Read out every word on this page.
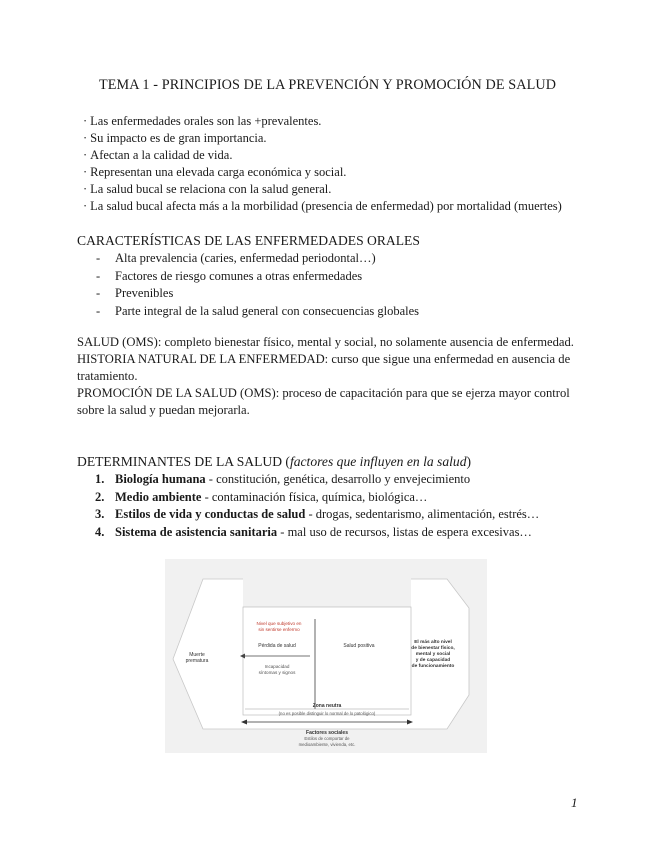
TEMA 1 - PRINCIPIOS DE LA PREVENCIÓN Y PROMOCIÓN DE SALUD
· Las enfermedades orales son las +prevalentes.
· Su impacto es de gran importancia.
· Afectan a la calidad de vida.
· Representan una elevada carga económica y social.
· La salud bucal se relaciona con la salud general.
· La salud bucal afecta más a la morbilidad (presencia de enfermedad) por mortalidad (muertes)
CARACTERÍSTICAS DE LAS ENFERMEDADES ORALES
- Alta prevalencia (caries, enfermedad periodontal…)
- Factores de riesgo comunes a otras enfermedades
- Prevenibles
- Parte integral de la salud general con consecuencias globales

SALUD (OMS): completo bienestar físico, mental y social, no solamente ausencia de enfermedad.

HISTORIA NATURAL DE LA ENFERMEDAD: curso que sigue una enfermedad en ausencia de tratamiento.

PROMOCIÓN DE LA SALUD (OMS): proceso de capacitación para que se ejerza mayor control sobre la salud y puedan mejorarla.

DETERMINANTES DE LA SALUD (factores que influyen en la salud)
1. Biología humana - constitución, genética, desarrollo y envejecimiento
2. Medio ambiente - contaminación física, química, biológica…
3. Estilos de vida y conductas de salud - drogas, sedentarismo, alimentación, estrés…
4. Sistema de asistencia sanitaria - mal uso de recursos, listas de espera excesivas…
Nivel que subjetivo en
sin sentirse enfermo
Pérdida de salud
Incapacidad
síntomas y signos
Salud positiva
Muerte
prematura
El más alto nivel
de bienestar físico,
mental y social
y de capacidad
de funcionamiento
Zona neutra
(no es posible distinguir lo normal de lo patológico)
Factores sociales
Estilos de comportar de
medioambiente, vivienda, etc.
1
